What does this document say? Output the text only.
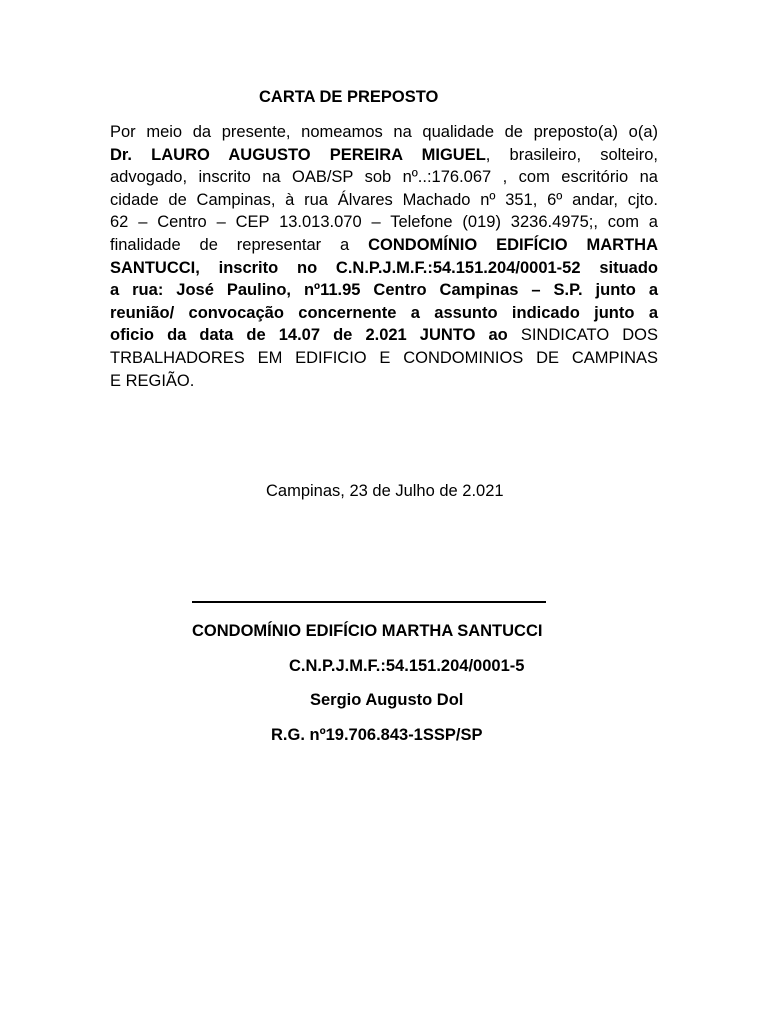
CARTA DE PREPOSTO
Por meio da presente, nomeamos na qualidade de preposto(a) o(a)
Dr. LAURO AUGUSTO PEREIRA MIGUEL, brasileiro, solteiro,
advogado, inscrito na OAB/SP sob nº..:176.067 , com escritório na
cidade de Campinas, à rua Álvares Machado nº 351, 6º andar, cjto.
62 – Centro – CEP 13.013.070 – Telefone (019) 3236.4975;, com a
finalidade de representar a CONDOMÍNIO EDIFÍCIO MARTHA
SANTUCCI, inscrito no C.N.P.J.M.F.:54.151.204/0001-52 situado
a rua: José Paulino, nº11.95 Centro Campinas – S.P. junto a
reunião/ convocação concernente a assunto indicado junto a
oficio da data de 14.07 de 2.021 JUNTO ao SINDICATO DOS
TRBALHADORES EM EDIFICIO E CONDOMINIOS DE CAMPINAS
E REGIÃO.
Campinas, 23 de Julho de 2.021
CONDOMÍNIO EDIFÍCIO MARTHA SANTUCCI
C.N.P.J.M.F.:54.151.204/0001-5
Sergio Augusto Dol
R.G. nº19.706.843-1SSP/SP
